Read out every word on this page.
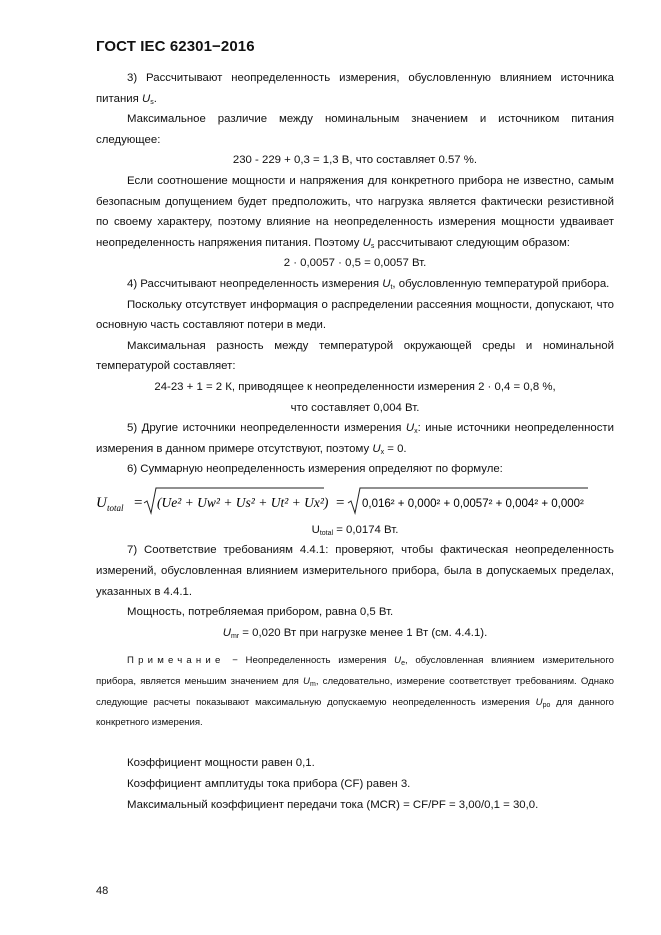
ГОСТ IEC 62301−2016

3) Рассчитывают неопределенность измерения, обусловленную влиянием источника питания $U_s$.

Максимальное различие между номинальным значением и источником питания следующее:

230 - 229 + 0,3 = 1,3 В, что составляет 0.57 %.

Если соотношение мощности и напряжения для конкретного прибора не известно, самым безопасным допущением будет предположить, что нагрузка является фактически резистивной по своему характеру, поэтому влияние на неопределенность измерения мощности удваивает неопределенность напряжения питания. Поэтому $U_s$ рассчитывают следующим образом:

2 · 0,0057 · 0,5 = 0,0057 Вт.

4) Рассчитывают неопределенность измерения $U_t$, обусловленную температурой прибора.

Поскольку отсутствует информация о распределении рассеяния мощности, допускают, что основную часть составляют потери в меди.

Максимальная разность между температурой окружающей среды и номинальной температурой составляет:

24-23 + 1 = 2 К, приводящее к неопределенности измерения 2 · 0,4 = 0,8 %,

что составляет 0,004 Вт.

5) Другие источники неопределенности измерения $U_x$: иные источники неопределенности измерения в данном примере отсутствуют, поэтому $U_x = 0$.

6) Суммарную неопределенность измерения определяют по формуле:

U total = (Ue² + Uw² + Us² + Ut² + Ux²) = 0,016² + 0,000² + 0,0057² + 0,004² + 0,000²

$U_{total} = 0,0174$ Вт.

7) Соответствие требованиям 4.4.1: проверяют, чтобы фактическая неопределенность измерений, обусловленная влиянием измерительного прибора, была в допускаемых пределах, указанных в 4.4.1.

Мощность, потребляемая прибором, равна 0,5 Вт.

$U_{mr} = 0,020$ Вт при нагрузке менее 1 Вт (см. 4.4.1).

Примечание − Неопределенность измерения $U_e$, обусловленная влиянием измерительного прибора, является меньшим значением для $U_m$, следовательно, измерение соответствует требованиям. Однако следующие расчеты показывают максимальную допускаемую неопределенность измерения $U_{po}$ для данного конкретного измерения.

Коэффициент мощности равен 0,1.

Коэффициент амплитуды тока прибора (CF) равен 3.

Максимальный коэффициент передачи тока (MCR) = CF/PF = 3,00/0,1 = 30,0.

48
